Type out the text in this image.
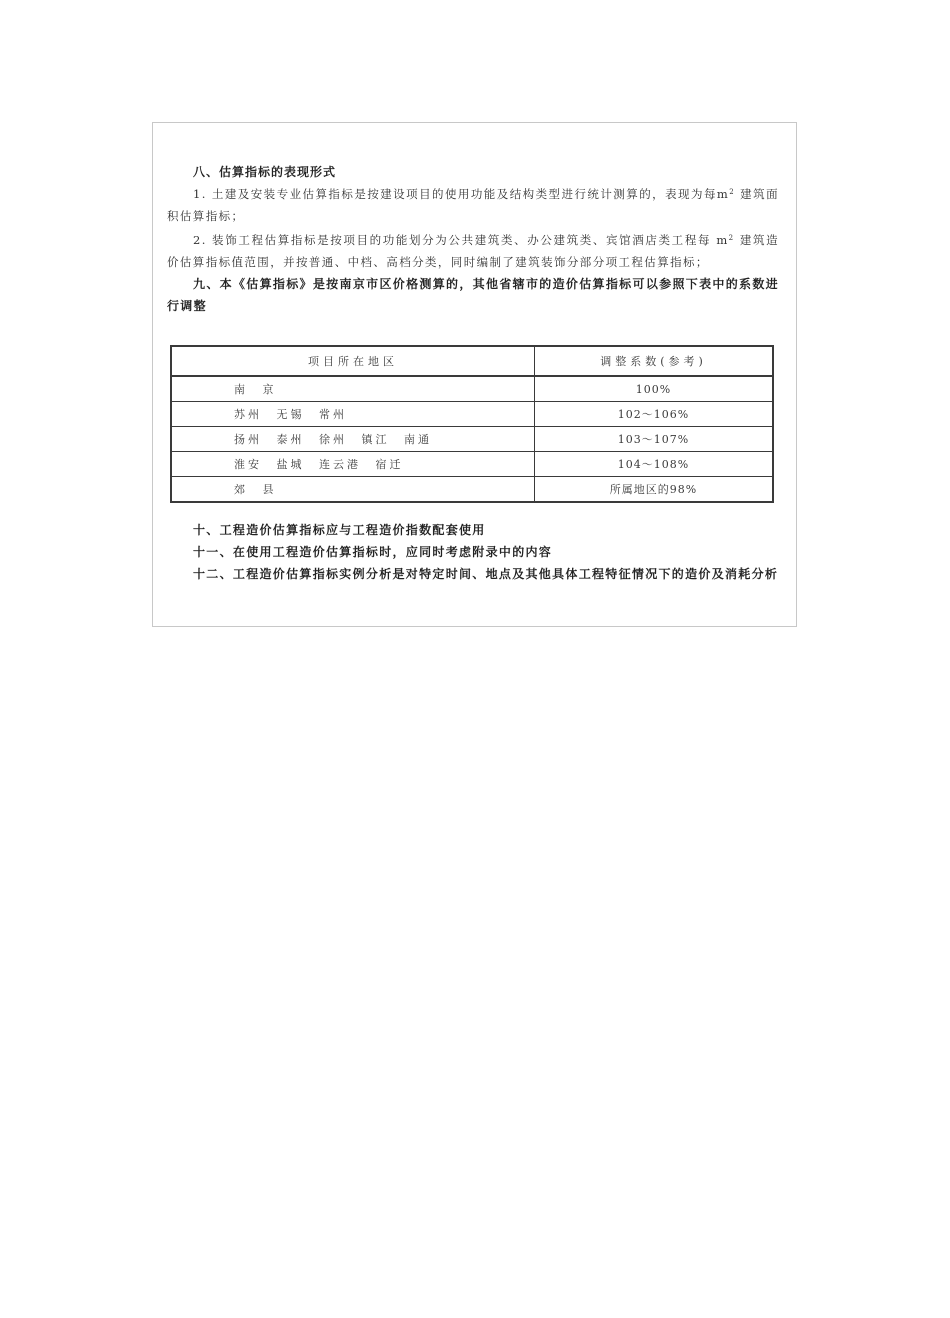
八、估算指标的表现形式

1. 土建及安装专业估算指标是按建设项目的使用功能及结构类型进行统计测算的，表现为每$m^2$ 建筑面积估算指标；

2. 装饰工程估算指标是按项目的功能划分为公共建筑类、办公建筑类、宾馆酒店类工程每 $m^2$ 建筑造价估算指标值范围，并按普通、中档、高档分类，同时编制了建筑装饰分部分项工程估算指标；

九、本《估算指标》是按南京市区价格测算的，其他省辖市的造价估算指标可以参照下表中的系数进行调整

项目所在地区	调整系数(参考)
南 京	100%
苏州 无锡 常州	102～106%
扬州 泰州 徐州 镇江 南通	103～107%
淮安 盐城 连云港 宿迁	104～108%
郊 县	所属地区的98%

十、工程造价估算指标应与工程造价指数配套使用

十一、在使用工程造价估算指标时，应同时考虑附录中的内容

十二、工程造价估算指标实例分析是对特定时间、地点及其他具体工程特征情况下的造价及消耗分析
